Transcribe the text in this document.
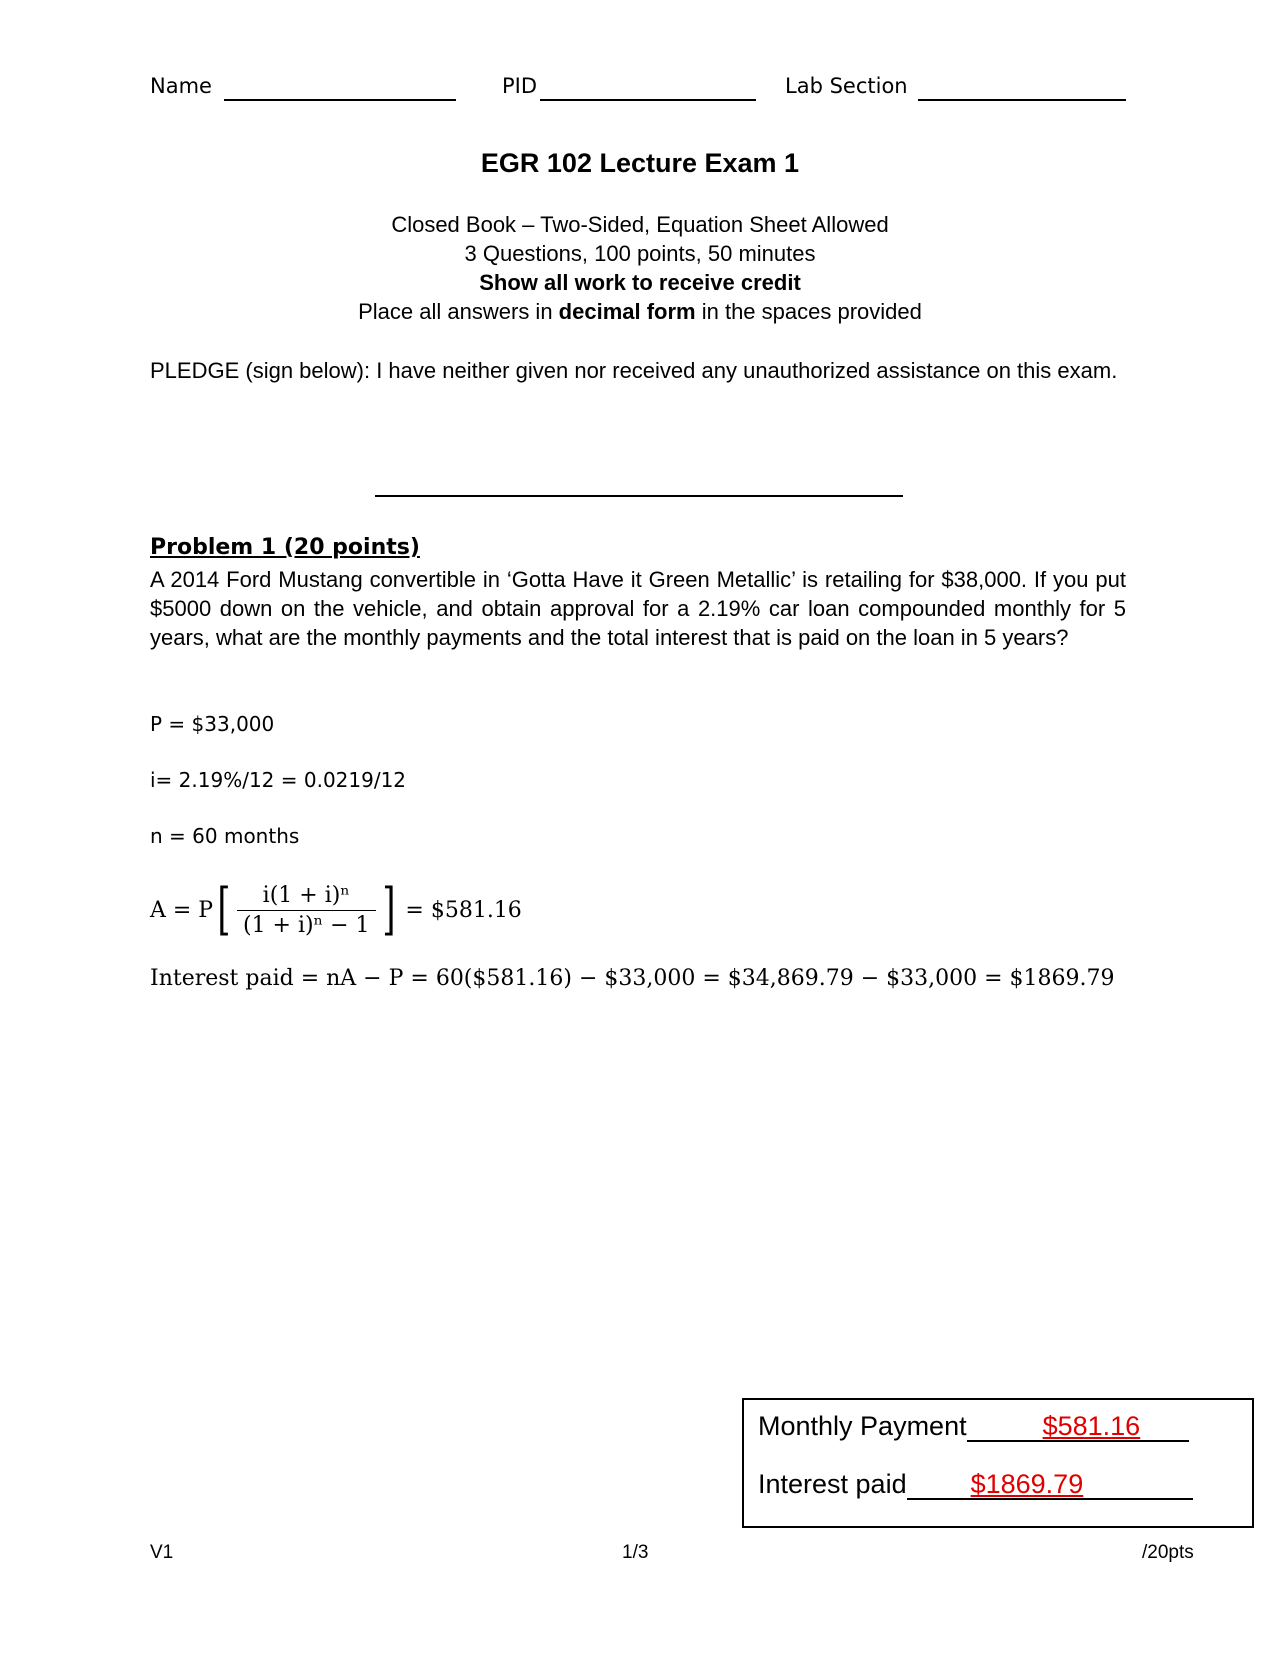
Name	PID	Lab Section
EGR 102 Lecture Exam 1
Closed Book – Two-Sided, Equation Sheet Allowed
3 Questions, 100 points, 50 minutes
Show all work to receive credit
Place all answers in decimal form in the spaces provided
PLEDGE (sign below): I have neither given nor received any unauthorized assistance on this exam.
Problem 1 (20 points)
A 2014 Ford Mustang convertible in ‘Gotta Have it Green Metallic’ is retailing for $38,000. If you put $5000 down on the vehicle, and obtain approval for a 2.19% car loan compounded monthly for 5 years, what are the monthly payments and the total interest that is paid on the loan in 5 years?
P = $33,000
i= 2.19%/12 = 0.0219/12
n = 60 months
A = P [ $\frac{\text{i(1 + i)ⁿ}}{\text{(1 + i)ⁿ − 1}}$ ] = $581.16
Interest paid = nA − P = 60($581.16) − $33,000 = $34,869.79 − $33,000 = $1869.79
Monthly Payment	$581.16
Interest paid $1869.79
V1	1/3	/20pts
